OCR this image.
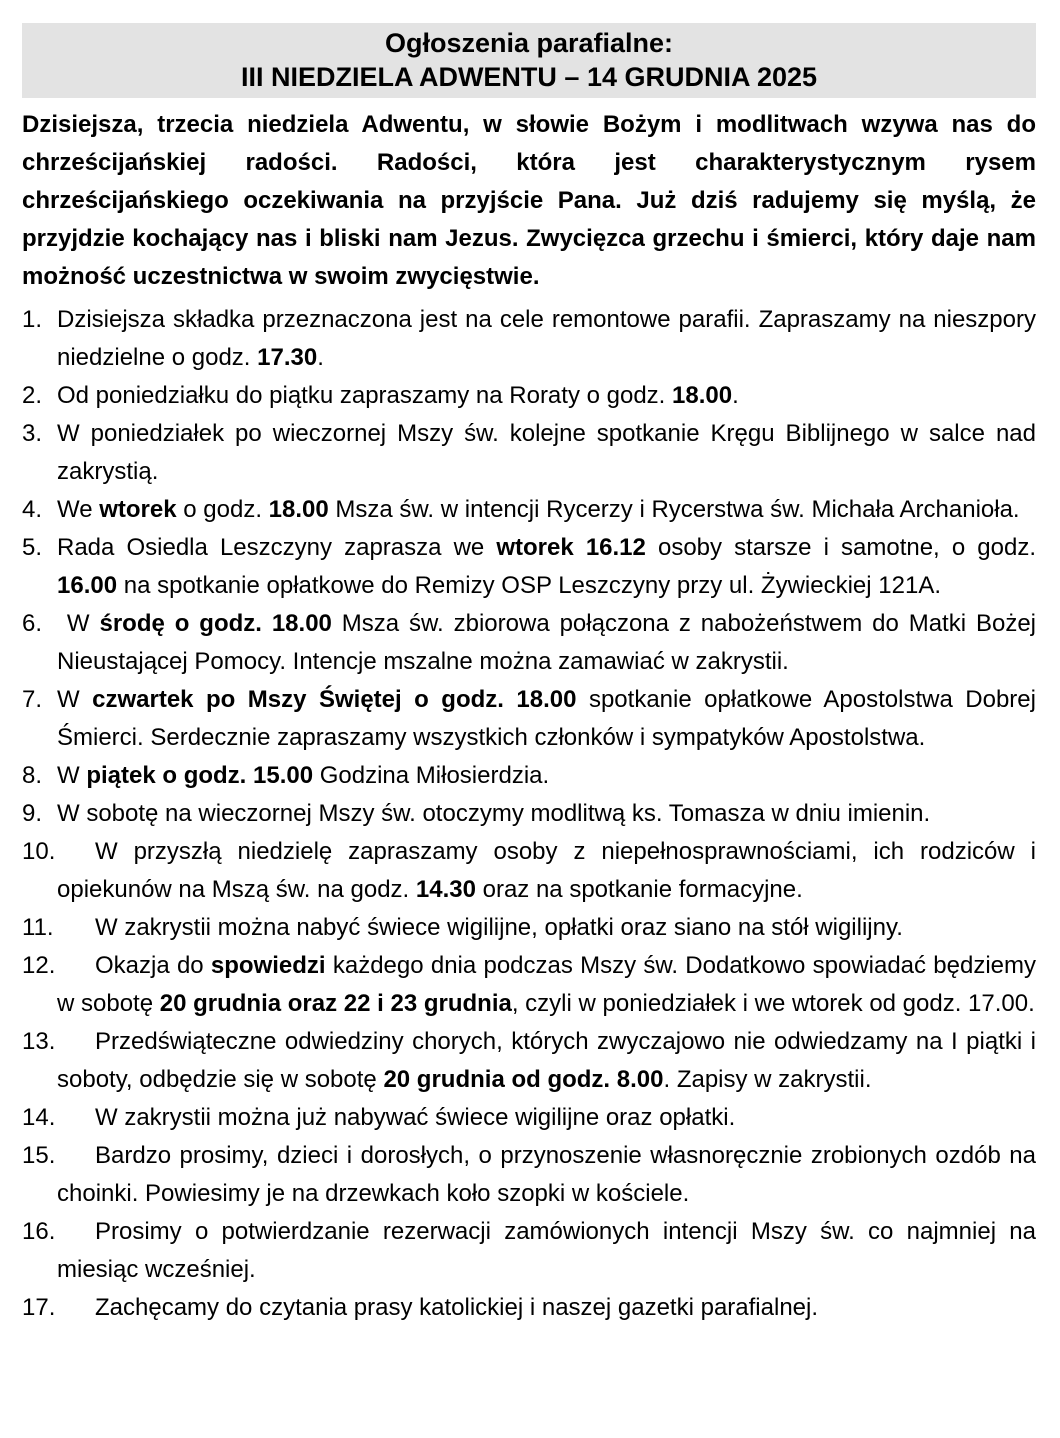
Ogłoszenia parafialne:
III NIEDZIELA ADWENTU – 14 GRUDNIA 2025

Dzisiejsza, trzecia niedziela Adwentu, w słowie Bożym i modlitwach wzywa nas do chrześcijańskiej radości. Radości, która jest charakterystycznym rysem chrześcijańskiego oczekiwania na przyjście Pana. Już dziś radujemy się myślą, że przyjdzie kochający nas i bliski nam Jezus. Zwycięzca grzechu i śmierci, który daje nam możność uczestnictwa w swoim zwycięstwie.

1. Dzisiejsza składka przeznaczona jest na cele remontowe parafii. Zapraszamy na nieszpory niedzielne o godz. 17.30.
2. Od poniedziałku do piątku zapraszamy na Roraty o godz. 18.00.
3. W poniedziałek po wieczornej Mszy św. kolejne spotkanie Kręgu Biblijnego w salce nad zakrystią.
4. We wtorek o godz. 18.00 Msza św. w intencji Rycerzy i Rycerstwa św. Michała Archanioła.
5. Rada Osiedla Leszczyny zaprasza we wtorek 16.12 osoby starsze i samotne, o godz. 16.00 na spotkanie opłatkowe do Remizy OSP Leszczyny przy ul. Żywieckiej 121A.
6. W środę o godz. 18.00 Msza św. zbiorowa połączona z nabożeństwem do Matki Bożej Nieustającej Pomocy. Intencje mszalne można zamawiać w zakrystii.
7. W czwartek po Mszy Świętej o godz. 18.00 spotkanie opłatkowe Apostolstwa Dobrej Śmierci. Serdecznie zapraszamy wszystkich członków i sympatyków Apostolstwa.
8. W piątek o godz. 15.00 Godzina Miłosierdzia.
9. W sobotę na wieczornej Mszy św. otoczymy modlitwą ks. Tomasza w dniu imienin.
10. W przyszłą niedzielę zapraszamy osoby z niepełnosprawnościami, ich rodziców i opiekunów na Mszą św. na godz. 14.30 oraz na spotkanie formacyjne.
11. W zakrystii można nabyć świece wigilijne, opłatki oraz siano na stół wigilijny.
12. Okazja do spowiedzi każdego dnia podczas Mszy św. Dodatkowo spowiadać będziemy w sobotę 20 grudnia oraz 22 i 23 grudnia, czyli w poniedziałek i we wtorek od godz. 17.00.
13. Przedświąteczne odwiedziny chorych, których zwyczajowo nie odwiedzamy na I piątki i soboty, odbędzie się w sobotę 20 grudnia od godz. 8.00. Zapisy w zakrystii.
14. W zakrystii można już nabywać świece wigilijne oraz opłatki.
15. Bardzo prosimy, dzieci i dorosłych, o przynoszenie własnoręcznie zrobionych ozdób na choinki. Powiesimy je na drzewkach koło szopki w kościele.
16. Prosimy o potwierdzanie rezerwacji zamówionych intencji Mszy św. co najmniej na miesiąc wcześniej.
17. Zachęcamy do czytania prasy katolickiej i naszej gazetki parafialnej.
